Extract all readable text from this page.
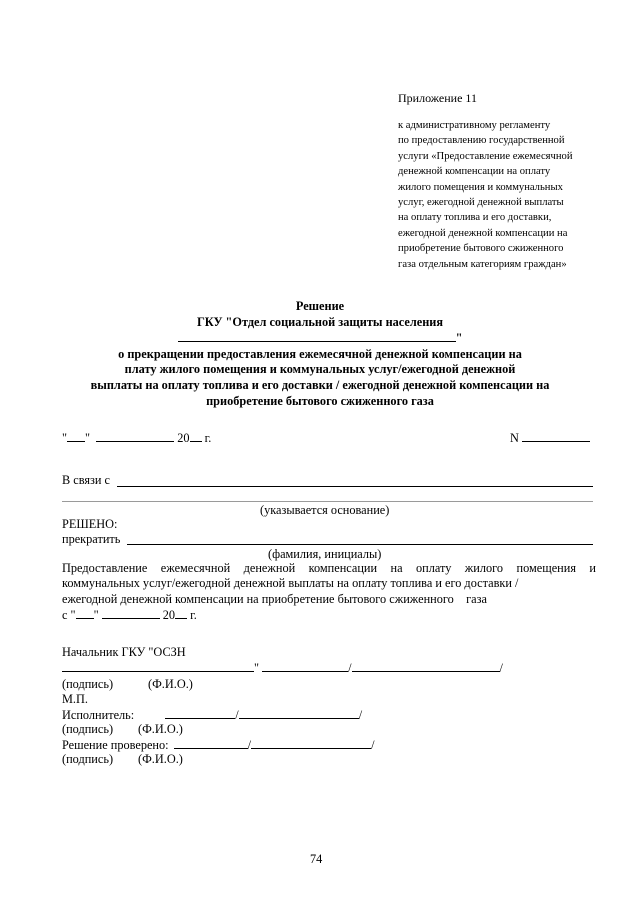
Приложение 11
к административному регламенту
по предоставлению государственной
услуги «Предоставление ежемесячной
денежной компенсации на оплату
жилого помещения и коммунальных
услуг, ежегодной денежной выплаты
на оплату топлива и его доставки,
ежегодной денежной компенсации на
приобретение бытового сжиженного
газа отдельным категориям граждан»
Решение
ГКУ "Отдел социальной защиты населения
"
о прекращении предоставления ежемесячной денежной компенсации на
плату жилого помещения и коммунальных услуг/ежегодной денежной
выплаты на оплату топлива и его доставки / ежегодной денежной компенсации на
приобретение бытового сжиженного газа
" "	20 г.	N
В связи с
(указывается основание)
РЕШЕНО:
прекратить
(фамилия, инициалы)
Предоставление ежемесячной денежной компенсации на оплату жилого помещения и
коммунальных услуг/ежегодной денежной выплаты на оплату топлива и его доставки /
ежегодной денежной компенсации на приобретение бытового сжиженного    газа
с " "	20 г.
Начальник ГКУ "ОСЗН
"	/	/
(подпись)	(Ф.И.О.)
М.П.
Исполнитель:	/	/
(подпись) (Ф.И.О.)
Решение проверено:	/	/
(подпись) (Ф.И.О.)
74
